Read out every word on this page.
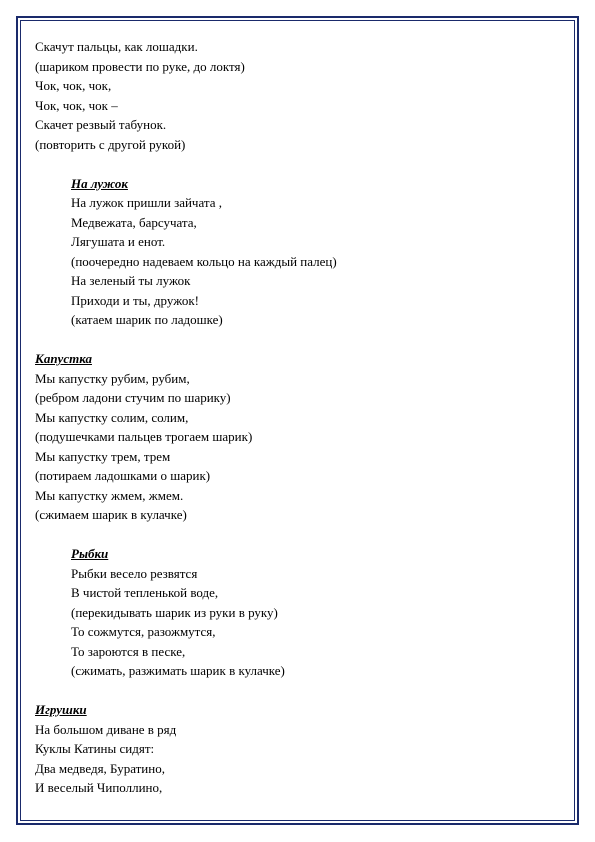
Скачут пальцы, как лошадки.
(шариком провести по руке, до локтя)
Чок, чок, чок,
Чок, чок, чок –
Скачет резвый табунок.
(повторить с другой рукой)
На лужок
На лужок пришли зайчата ,
Медвежата, барсучата,
Лягушата и енот.
(поочередно надеваем кольцо на каждый палец)
На зеленый ты лужок
Приходи и ты, дружок!
(катаем шарик по ладошке)
Капустка
Мы капустку рубим, рубим,
(ребром ладони стучим по шарику)
Мы капустку солим, солим,
(подушечками пальцев трогаем шарик)
Мы капустку трем, трем
(потираем ладошками о шарик)
Мы капустку жмем, жмем.
(сжимаем шарик в кулачке)
Рыбки
Рыбки весело резвятся
В чистой тепленькой воде,
(перекидывать шарик из руки в руку)
То сожмутся, разожмутся,
То зароются в песке,
(сжимать, разжимать шарик в кулачке)
Игрушки
На большом диване в ряд
Куклы Катины сидят:
Два медведя, Буратино,
И веселый Чиполлино,
